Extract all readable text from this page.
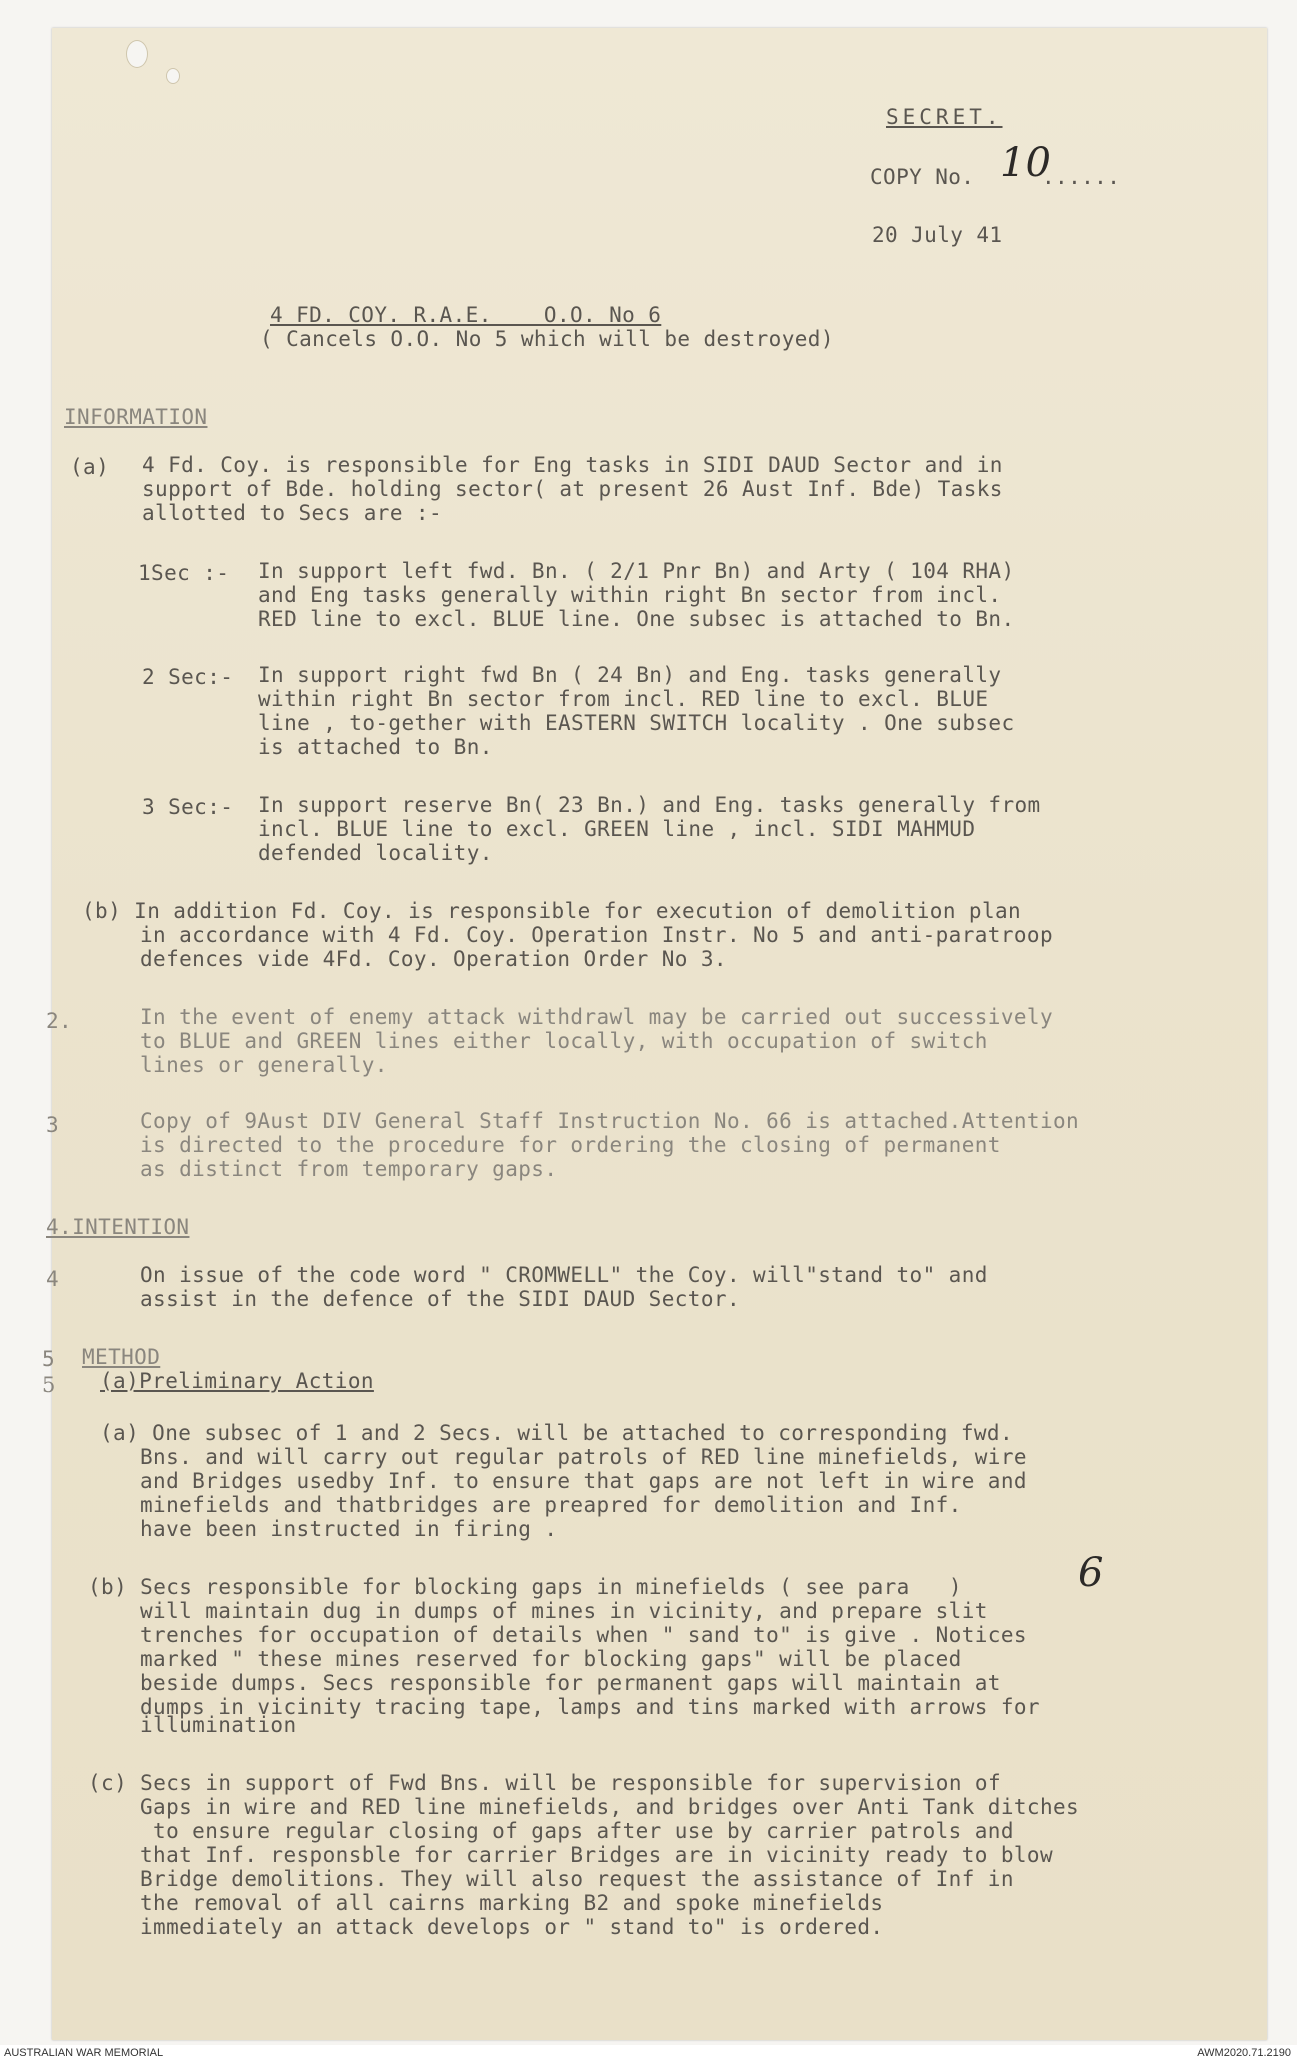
SECRET.
COPY No. 10
......
20 July 41
4 FD. COY. R.A.E.    O.O. No 6
( Cancels O.O. No 5 which will be destroyed)
INFORMATION
(a) 4 Fd. Coy. is responsible for Eng tasks in SIDI DAUD Sector and in
support of Bde. holding sector( at present 26 Aust Inf. Bde) Tasks
allotted to Secs are :-
1Sec :- In support left fwd. Bn. ( 2/1 Pnr Bn) and Arty ( 104 RHA)
and Eng tasks generally within right Bn sector from incl.
RED line to excl. BLUE line. One subsec is attached to Bn.
2 Sec:- In support right fwd Bn ( 24 Bn) and Eng. tasks generally
within right Bn sector from incl. RED line to excl. BLUE
line , to-gether with EASTERN SWITCH locality . One subsec
is attached to Bn.
3 Sec:- In support reserve Bn( 23 Bn.) and Eng. tasks generally from
incl. BLUE line to excl. GREEN line , incl. SIDI MAHMUD
defended locality.
(b) In addition Fd. Coy. is responsible for execution of demolition plan
in accordance with 4 Fd. Coy. Operation Instr. No 5 and anti-paratroop
defences vide 4Fd. Coy. Operation Order No 3.
2.	In the event of enemy attack withdrawl may be carried out successively
to BLUE and GREEN lines either locally, with occupation of switch
lines or generally.
3	Copy of 9Aust DIV General Staff Instruction No. 66 is attached.Attention
is directed to the procedure for ordering the closing of permanent
as distinct from temporary gaps.
4.INTENTION
4	On issue of the code word " CROMWELL" the Coy. will"stand to" and
assist in the defence of the SIDI DAUD Sector.
5 METHOD
5 (a)Preliminary Action
(a) One subsec of 1 and 2 Secs. will be attached to corresponding fwd.
Bns. and will carry out regular patrols of RED line minefields, wire
and Bridges usedby Inf. to ensure that gaps are not left in wire and
minefields and thatbridges are preapred for demolition and Inf.
have been instructed in firing .
(b) Secs responsible for blocking gaps in minefields ( see para   )	6
will maintain dug in dumps of mines in vicinity, and prepare slit
trenches for occupation of details when " sand to" is give . Notices
marked " these mines reserved for blocking gaps" will be placed
beside dumps. Secs responsible for permanent gaps will maintain at
dumps in vicinity tracing tape, lamps and tins marked with arrows for
illumination
(c) Secs in support of Fwd Bns. will be responsible for supervision of
Gaps in wire and RED line minefields, and bridges over Anti Tank ditches
to ensure regular closing of gaps after use by carrier patrols and
that Inf. responsble for carrier Bridges are in vicinity ready to blow
Bridge demolitions. They will also request the assistance of Inf in
the removal of all cairns marking B2 and spoke minefields
immediately an attack develops or " stand to" is ordered.
AUSTRALIAN WAR MEMORIAL	AWM2020.71.2190
